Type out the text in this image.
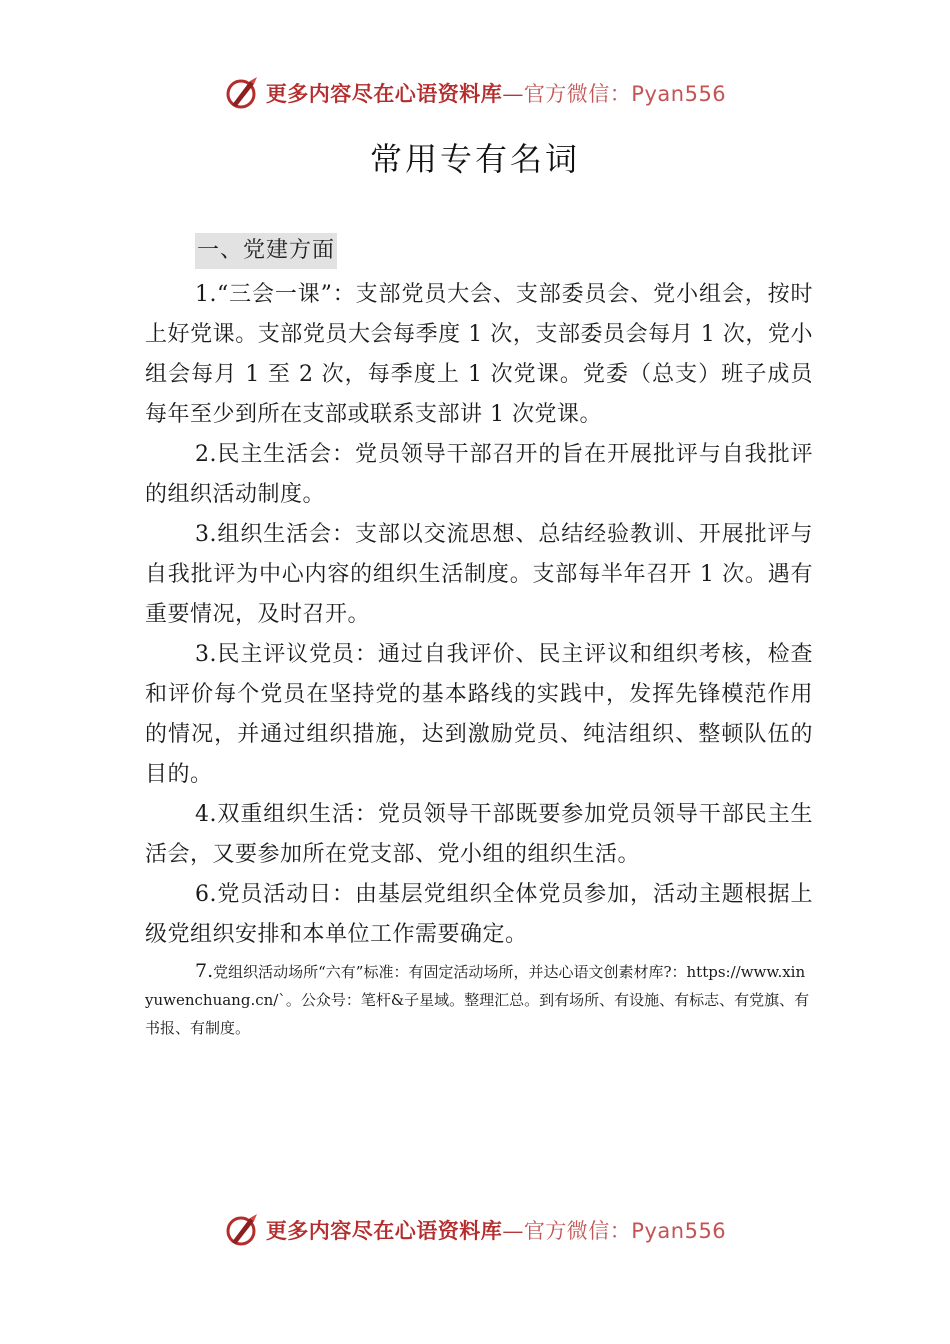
更多内容尽在心语资料库—官方微信：Pyan556
常用专有名词
一、党建方面

1.“三会一课”：支部党员大会、支部委员会、党小组会，按时上好党课。支部党员大会每季度 1 次，支部委员会每月 1 次，党小组会每月 1 至 2 次，每季度上 1 次党课。党委（总支）班子成员每年至少到所在支部或联系支部讲 1 次党课。

2.民主生活会：党员领导干部召开的旨在开展批评与自我批评的组织活动制度。

3.组织生活会：支部以交流思想、总结经验教训、开展批评与自我批评为中心内容的组织生活制度。支部每半年召开 1 次。遇有重要情况，及时召开。

3.民主评议党员：通过自我评价、民主评议和组织考核，检查和评价每个党员在坚持党的基本路线的实践中，发挥先锋模范作用的情况，并通过组织措施，达到激励党员、纯洁组织、整顿队伍的目的。

4.双重组织生活：党员领导干部既要参加党员领导干部民主生活会，又要参加所在党支部、党小组的组织生活。

6.党员活动日：由基层党组织全体党员参加，活动主题根据上级党组织安排和本单位工作需要确定。

7.党组织活动场所“六有”标准：有固定活动场所，并达心语文创素材库?：https://www.xinyuwenchuang.cn/`。公众号：笔杆&子星域。整理汇总。到有场所、有设施、有标志、有党旗、有书报、有制度。

更多内容尽在心语资料库—官方微信：Pyan556
